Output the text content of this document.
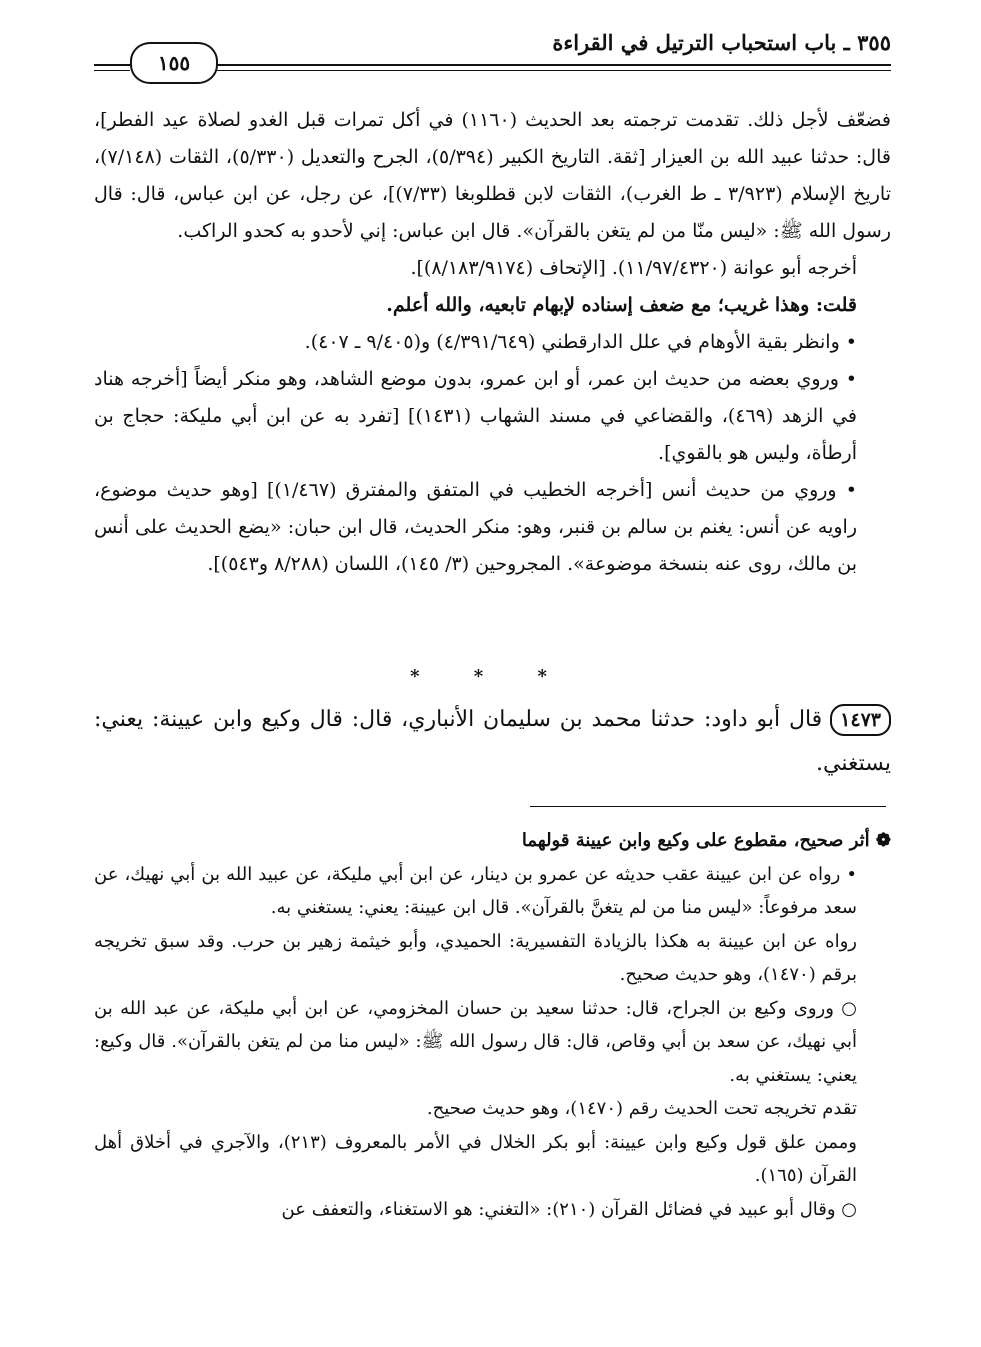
٣٥٥ ـ باب استحباب الترتيل في القراءة
١٥٥

فضعّف لأجل ذلك. تقدمت ترجمته بعد الحديث (١١٦٠) في أكل تمرات قبل الغدو لصلاة عيد الفطر]، قال: حدثنا عبيد الله بن العيزار [ثقة. التاريخ الكبير (٥/٣٩٤)، الجرح والتعديل (٥/٣٣٠)، الثقات (٧/١٤٨)، تاريخ الإسلام (٣/٩٢٣ ـ ط الغرب)، الثقات لابن قطلوبغا (٧/٣٣)]، عن رجل، عن ابن عباس، قال: قال رسول الله ﷺ: «ليس منّا من لم يتغن بالقرآن». قال ابن عباس: إني لأحدو به كحدو الراكب.

أخرجه أبو عوانة (١١/٩٧/٤٣٢٠). [الإتحاف (٨/١٨٣/٩١٧٤)].

قلت: وهذا غريب؛ مع ضعف إسناده لإبهام تابعيه، والله أعلم.

• وانظر بقية الأوهام في علل الدارقطني (٤/٣٩١/٦٤٩) و(٩/٤٠٥ ـ ٤٠٧).

• وروي بعضه من حديث ابن عمر، أو ابن عمرو، بدون موضع الشاهد، وهو منكر أيضاً [أخرجه هناد في الزهد (٤٦٩)، والقضاعي في مسند الشهاب (١٤٣١)] [تفرد به عن ابن أبي مليكة: حجاج بن أرطأة، وليس هو بالقوي].

• وروي من حديث أنس [أخرجه الخطيب في المتفق والمفترق (١/٤٦٧)] [وهو حديث موضوع، راويه عن أنس: يغنم بن سالم بن قنبر، وهو: منكر الحديث، قال ابن حبان: «يضع الحديث على أنس بن مالك، روى عنه بنسخة موضوعة». المجروحين (٣/ ١٤٥)، اللسان (٨/٢٨٨ و٥٤٣)].

* * *
١٤٧٣قال أبو داود: حدثنا محمد بن سليمان الأنباري، قال: قال وكيع وابن عيينة: يعني: يستغني.

❁ أثر صحيح، مقطوع على وكيع وابن عيينة قولهما

• رواه عن ابن عيينة عقب حديثه عن عمرو بن دينار، عن ابن أبي مليكة، عن عبيد الله بن أبي نهيك، عن سعد مرفوعاً: «ليس منا من لم يتغنَّ بالقرآن». قال ابن عيينة: يعني: يستغني به.

رواه عن ابن عيينة به هكذا بالزيادة التفسيرية: الحميدي، وأبو خيثمة زهير بن حرب. وقد سبق تخريجه برقم (١٤٧٠)، وهو حديث صحيح.

○ وروى وكيع بن الجراح، قال: حدثنا سعيد بن حسان المخزومي، عن ابن أبي مليكة، عن عبد الله بن أبي نهيك، عن سعد بن أبي وقاص، قال: قال رسول الله ﷺ: «ليس منا من لم يتغن بالقرآن». قال وكيع: يعني: يستغني به.

تقدم تخريجه تحت الحديث رقم (١٤٧٠)، وهو حديث صحيح.

وممن علق قول وكيع وابن عيينة: أبو بكر الخلال في الأمر بالمعروف (٢١٣)، والآجري في أخلاق أهل القرآن (١٦٥).

○ وقال أبو عبيد في فضائل القرآن (٢١٠): «التغني: هو الاستغناء، والتعفف عن
